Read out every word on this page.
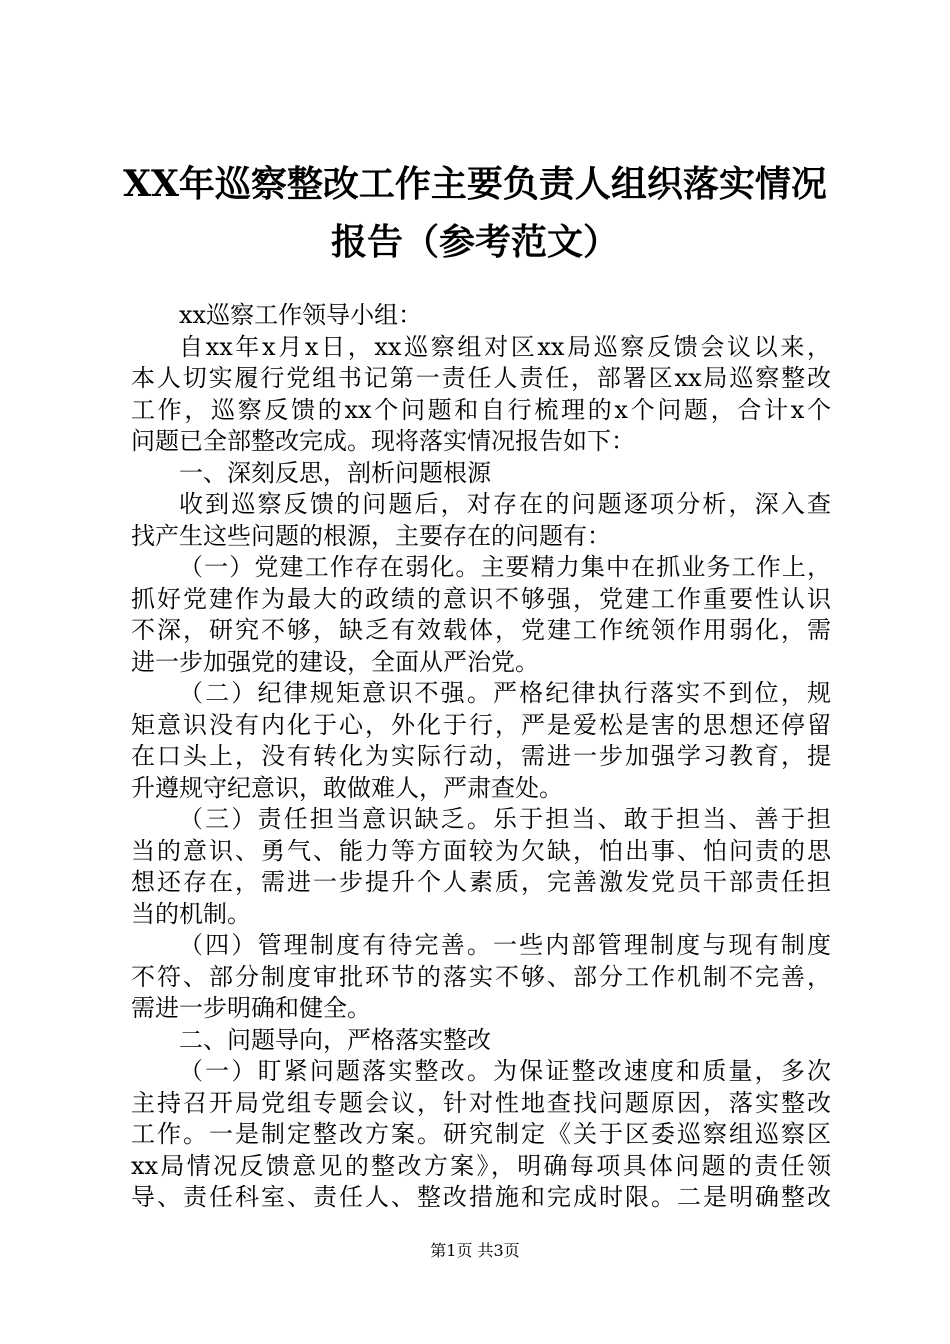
XX年巡察整改工作主要负责人组织落实情况
报告（参考范文）
xx巡察工作领导小组：
自xx年x月x日，xx巡察组对区xx局巡察反馈会议以来，
本人切实履行党组书记第一责任人责任，部署区xx局巡察整改
工作，巡察反馈的xx个问题和自行梳理的x个问题，合计x个
问题已全部整改完成。现将落实情况报告如下：
一、深刻反思，剖析问题根源
收到巡察反馈的问题后，对存在的问题逐项分析，深入查
找产生这些问题的根源，主要存在的问题有：
（一）党建工作存在弱化。主要精力集中在抓业务工作上，
抓好党建作为最大的政绩的意识不够强，党建工作重要性认识
不深，研究不够，缺乏有效载体，党建工作统领作用弱化，需
进一步加强党的建设，全面从严治党。
（二）纪律规矩意识不强。严格纪律执行落实不到位，规
矩意识没有内化于心，外化于行，严是爱松是害的思想还停留
在口头上，没有转化为实际行动，需进一步加强学习教育，提
升遵规守纪意识，敢做难人，严肃查处。
（三）责任担当意识缺乏。乐于担当、敢于担当、善于担
当的意识、勇气、能力等方面较为欠缺，怕出事、怕问责的思
想还存在，需进一步提升个人素质，完善激发党员干部责任担
当的机制。
（四）管理制度有待完善。一些内部管理制度与现有制度
不符、部分制度审批环节的落实不够、部分工作机制不完善，
需进一步明确和健全。
二、问题导向，严格落实整改
（一）盯紧问题落实整改。为保证整改速度和质量，多次
主持召开局党组专题会议，针对性地查找问题原因，落实整改
工作。一是制定整改方案。研究制定《关于区委巡察组巡察区
xx局情况反馈意见的整改方案》，明确每项具体问题的责任领
导、责任科室、责任人、整改措施和完成时限。二是明确整改
第1页 共3页
